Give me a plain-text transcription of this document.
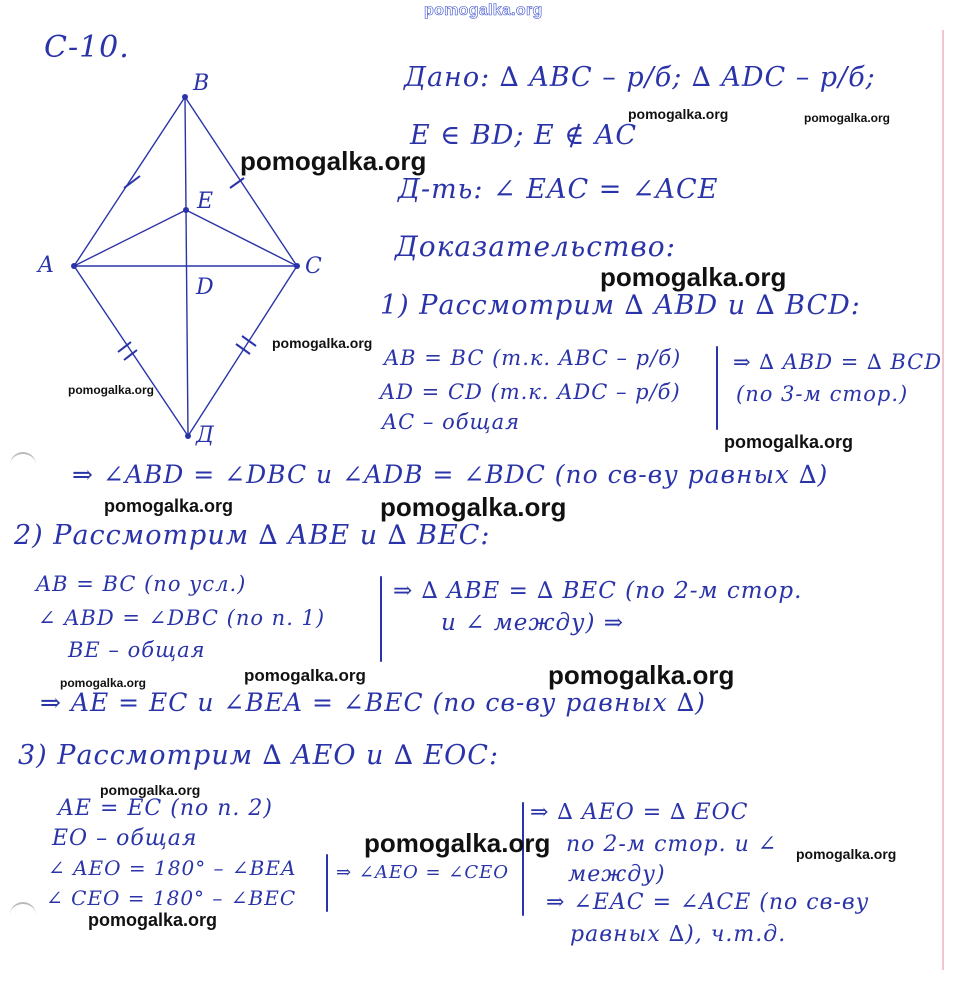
pomogalka.org
B
E
A	C
D
Д
C-10.
Дано: ∆ ABC – р/б; ∆ ADC – р/б;
E ∈ BD; E ∉ AC
Д-ть: ∠ EAC = ∠ACE
Доказательство:
1) Рассмотрим ∆ ABD и ∆ BCD:
AB = BC (т.к. ABC – р/б)
AD = CD (т.к. ADC – р/б)
AC – общая
⇒ ∆ ABD = ∆ BCD
(по 3-м стор.)
⇒ ∠ABD = ∠DBC и ∠ADB = ∠BDC (по св-ву равных ∆)
2) Рассмотрим ∆ ABE и ∆ BEC:
AB = BC (по усл.)
∠ ABD = ∠DBC (по п. 1)
BE – общая
⇒ ∆ ABE = ∆ BEC (по 2-м стор.
и ∠ между) ⇒
⇒ AE = EC и ∠BEA = ∠BEC (по св-ву равных ∆)
3) Рассмотрим ∆ AEO и ∆ EOC:
AE = EC (по п. 2)
EO – общая
∠ AEO = 180° – ∠BEA
∠ CEO = 180° – ∠BEC
⇒ ∠AEO = ∠CEO
⇒ ∆ AEO = ∆ EOC
по 2-м стор. и ∠
между)
⇒ ∠EAC = ∠ACE (по св-ву
равных ∆), ч.т.д.
pomogalka.org
pomogalka.org	pomogalka.org
pomogalka.org
pomogalka.org
pomogalka.org
pomogalka.org
pomogalka.org	pomogalka.org
pomogalka.org	pomogalka.org
pomogalka.org
pomogalka.org
pomogalka.org
pomogalka.org
pomogalka.org
